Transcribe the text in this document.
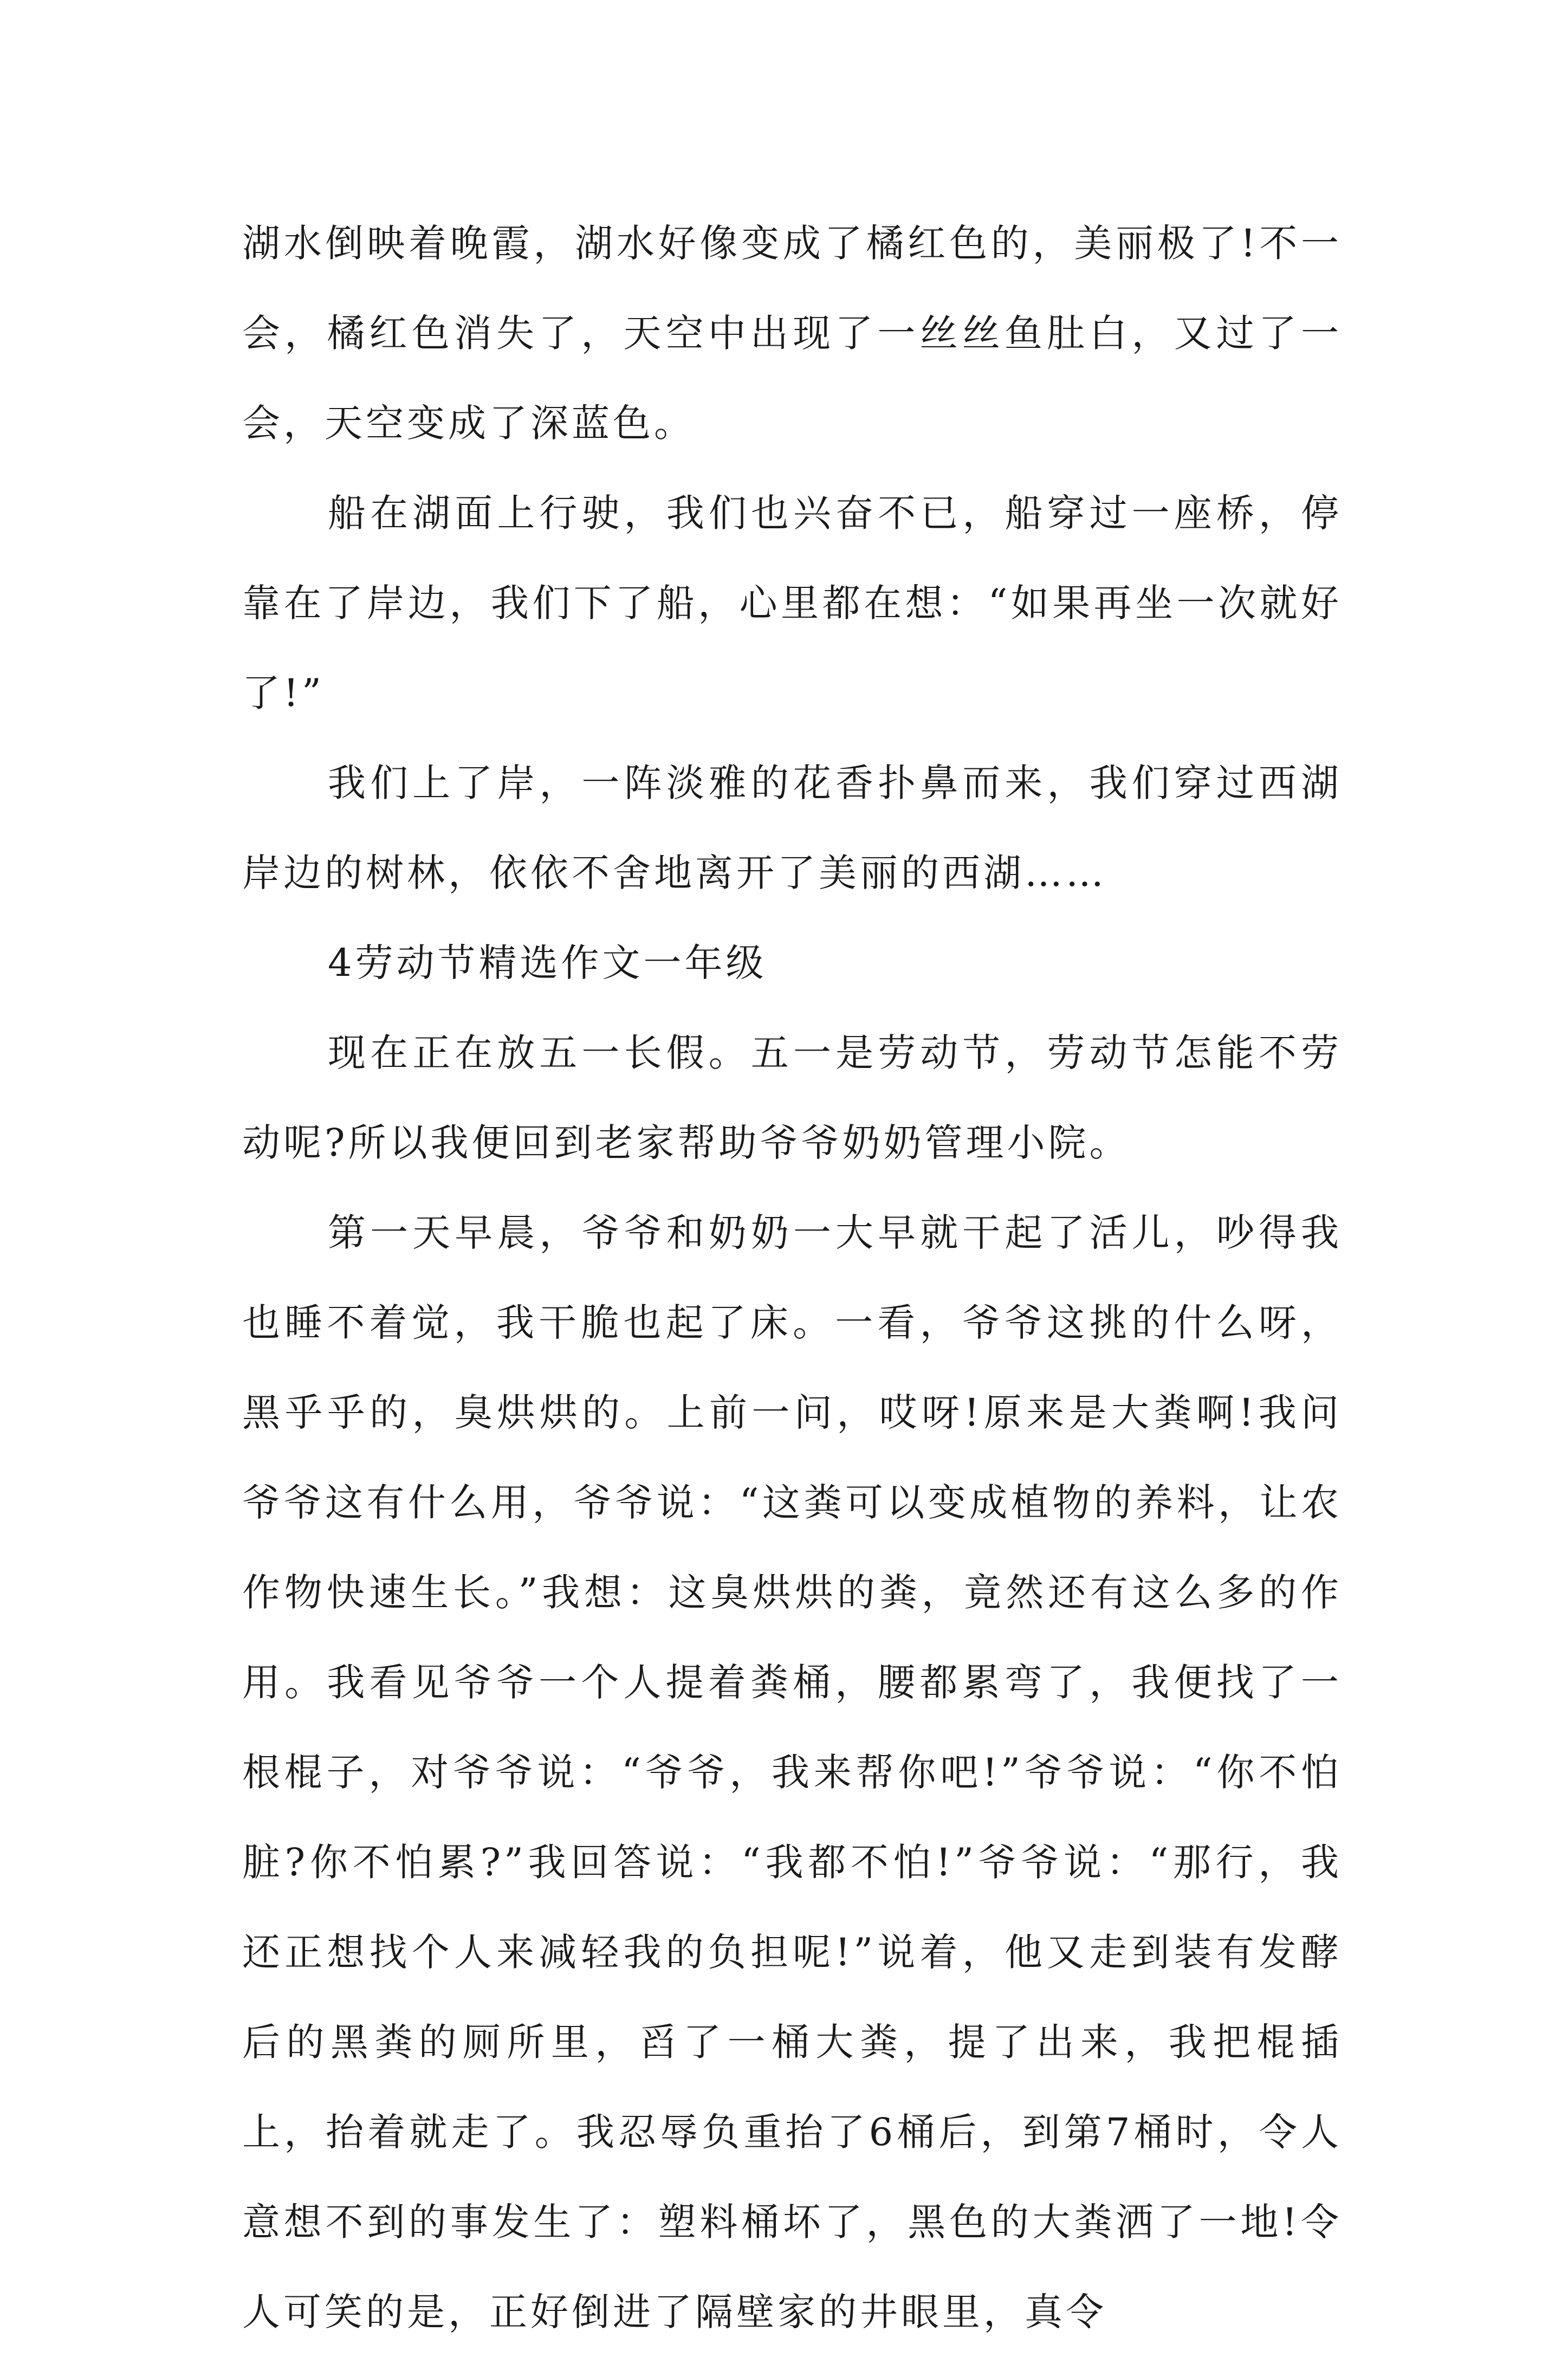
湖水倒映着晚霞，湖水好像变成了橘红色的，美丽极了!不一会，橘红色消失了，天空中出现了一丝丝鱼肚白，又过了一会，天空变成了深蓝色。

船在湖面上行驶，我们也兴奋不已，船穿过一座桥，停靠在了岸边，我们下了船，心里都在想：“如果再坐一次就好了!”

我们上了岸，一阵淡雅的花香扑鼻而来，我们穿过西湖岸边的树林，依依不舍地离开了美丽的西湖……

4劳动节精选作文一年级

现在正在放五一长假。五一是劳动节，劳动节怎能不劳动呢?所以我便回到老家帮助爷爷奶奶管理小院。

第一天早晨，爷爷和奶奶一大早就干起了活儿，吵得我也睡不着觉，我干脆也起了床。一看，爷爷这挑的什么呀，黑乎乎的，臭烘烘的。上前一问，哎呀!原来是大粪啊!我问爷爷这有什么用，爷爷说：“这粪可以变成植物的养料，让农作物快速生长。”我想：这臭烘烘的粪，竟然还有这么多的作用。我看见爷爷一个人提着粪桶，腰都累弯了，我便找了一根棍子，对爷爷说：“爷爷，我来帮你吧!”爷爷说：“你不怕脏?你不怕累?”我回答说：“我都不怕!”爷爷说：“那行，我还正想找个人来减轻我的负担呢!”说着，他又走到装有发酵后的黑粪的厕所里，舀了一桶大粪，提了出来，我把棍插上，抬着就走了。我忍辱负重抬了6桶后，到第7桶时，令人意想不到的事发生了：塑料桶坏了，黑色的大粪洒了一地!令人可笑的是，正好倒进了隔壁家的井眼里，真令
